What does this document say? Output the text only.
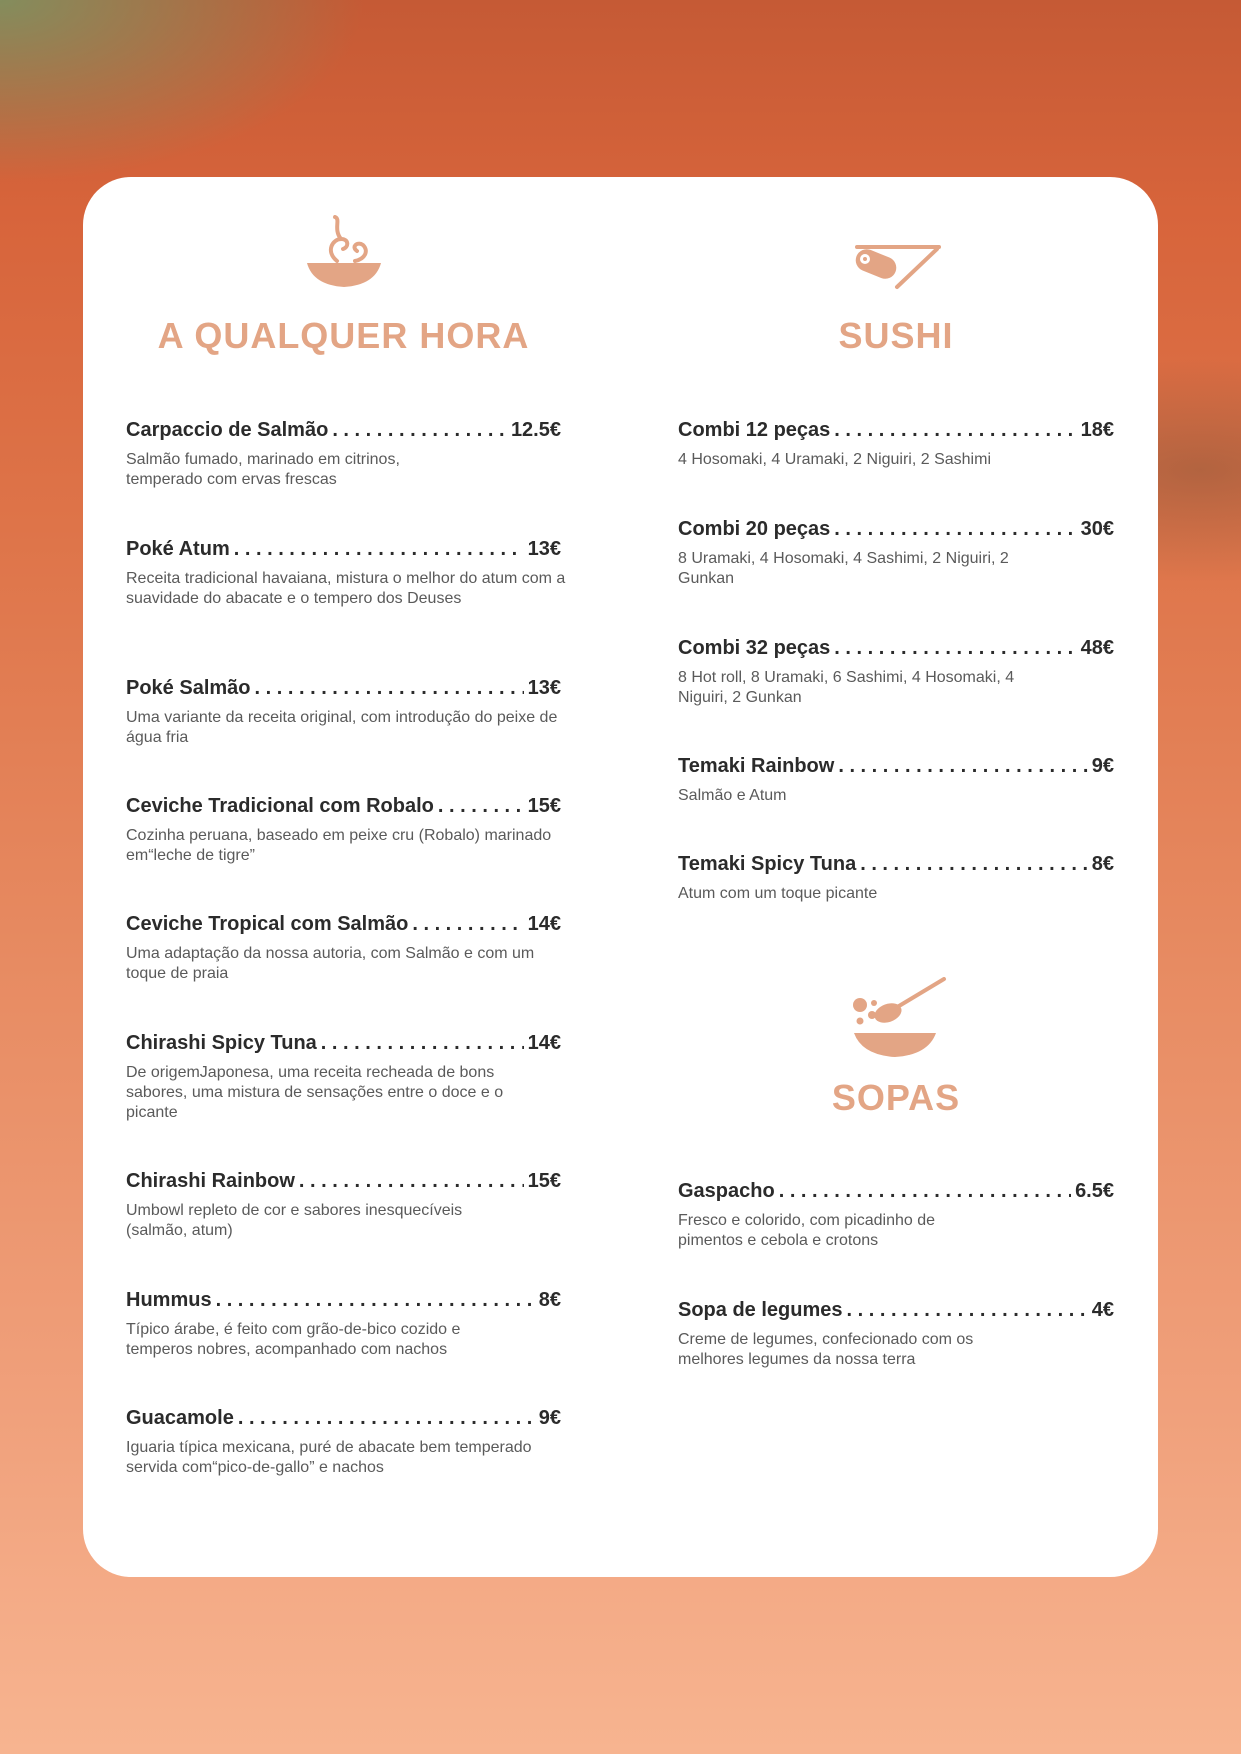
A QUALQUER HORA
Carpaccio de Salmão . . .	12.5€
Salmão fumado, marinado em citrinos,
temperado com ervas frescas
Poké Atum . . .	13€
Receita tradicional havaiana, mistura o melhor do atum com a suavidade do abacate e o tempero dos Deuses
Poké Salmão . . .	13€
Uma variante da receita original, com introdução do peixe de água fria
Ceviche Tradicional com Robalo . . .	15€
Cozinha peruana, baseado em peixe cru (Robalo) marinado em“leche de tigre”
Ceviche Tropical com Salmão . . .	14€
Uma adaptação da nossa autoria, com Salmão e com um toque de praia
Chirashi Spicy Tuna . . .	14€
De origemJaponesa, uma receita recheada de bons sabores, uma mistura de sensações entre o doce e o picante
Chirashi Rainbow . . .	15€
Umbowl repleto de cor e sabores inesquecíveis (salmão, atum)
Hummus . . .	8€
Típico árabe, é feito com grão-de-bico cozido e temperos nobres, acompanhado com nachos
Guacamole . . .	9€
Iguaria típica mexicana, puré de abacate bem temperado servida com“pico-de-gallo” e nachos
SUSHI
Combi 12 peças . . .	18€
4 Hosomaki, 4 Uramaki, 2 Niguiri, 2 Sashimi
Combi 20 peças . . .	30€
8 Uramaki, 4 Hosomaki, 4 Sashimi, 2 Niguiri, 2 Gunkan
Combi 32 peças . . .	48€
8 Hot roll, 8 Uramaki, 6 Sashimi, 4 Hosomaki, 4 Niguiri, 2 Gunkan
Temaki Rainbow . . .	9€
Salmão e Atum
Temaki Spicy Tuna . . .	8€
Atum com um toque picante
SOPAS
Gaspacho . . .	6.5€
Fresco e colorido, com picadinho de pimentos e cebola e crotons
Sopa de legumes . . .	4€
Creme de legumes, confecionado com os melhores legumes da nossa terra
